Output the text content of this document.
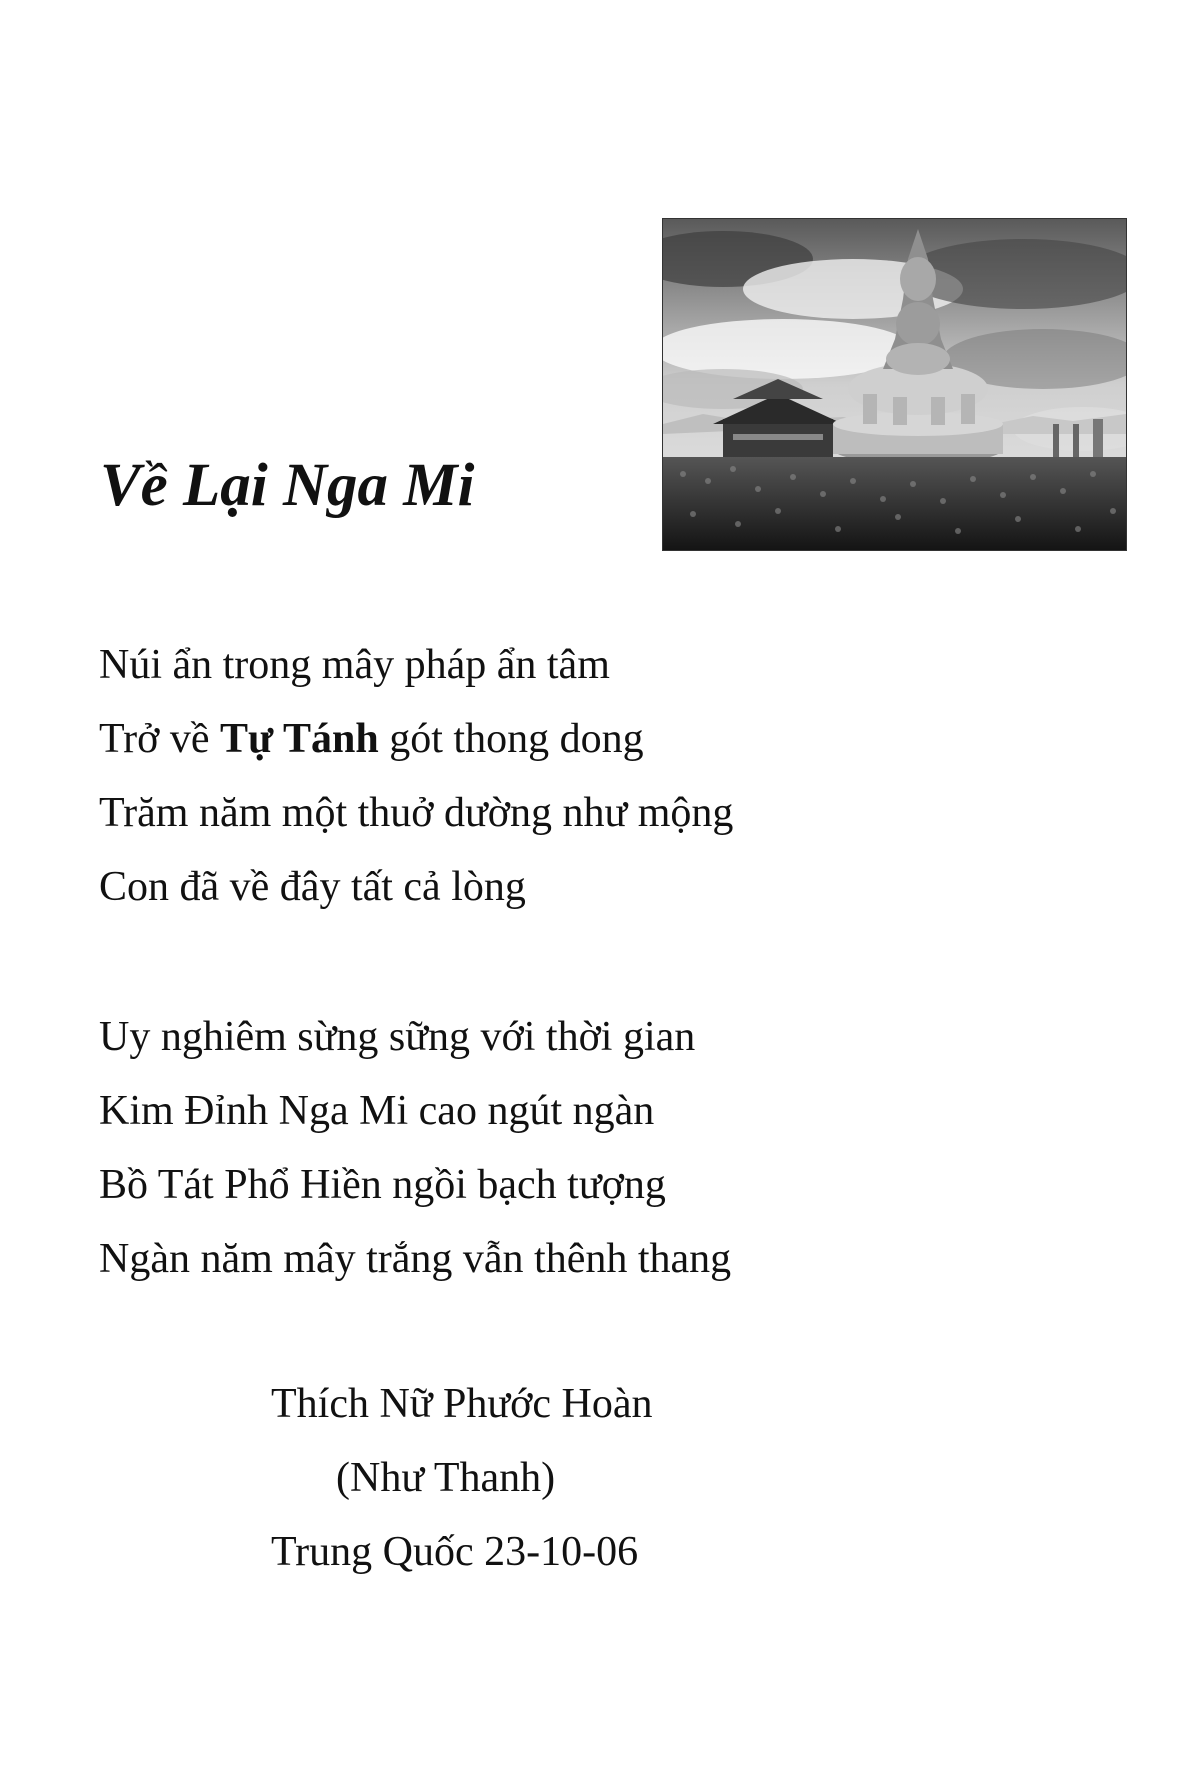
Về Lại Nga Mi
Núi ẩn trong mây pháp ẩn tâm
Trở về Tự Tánh gót thong dong
Trăm năm một thuở dường như mộng
Con đã về đây tất cả lòng
Uy nghiêm sừng sững với thời gian
Kim Đỉnh Nga Mi cao ngút ngàn
Bồ Tát Phổ Hiền ngồi bạch tượng
Ngàn năm mây trắng vẫn thênh thang
Thích Nữ Phước Hoàn
(Như Thanh)
Trung Quốc 23-10-06
